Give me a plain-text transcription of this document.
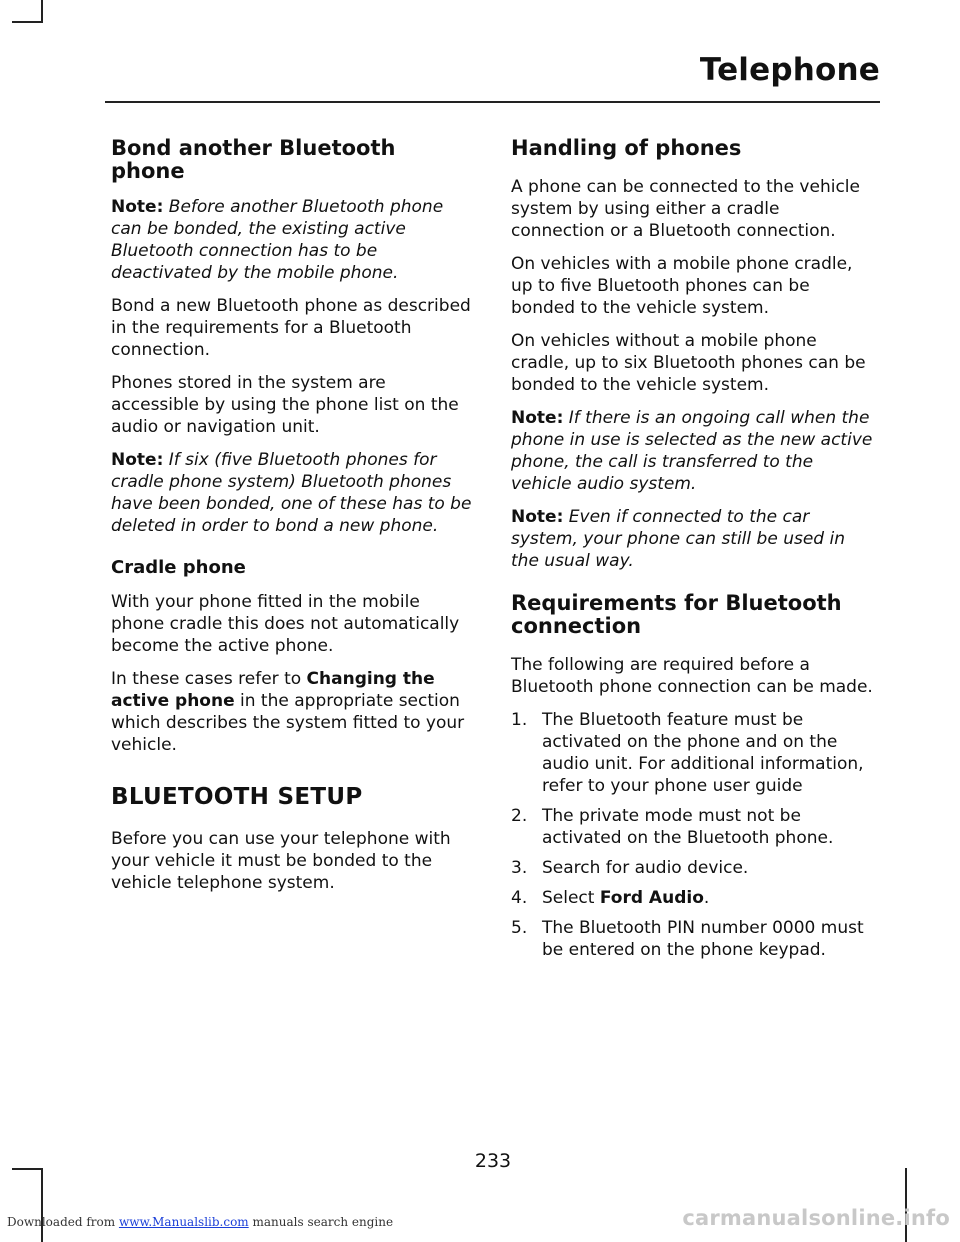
Telephone
Bond another Bluetooth phone

Note: Before another Bluetooth phone can be bonded, the existing active Bluetooth connection has to be deactivated by the mobile phone.

Bond a new Bluetooth phone as described in the requirements for a Bluetooth connection.

Phones stored in the system are accessible by using the phone list on the audio or navigation unit.

Note: If six (five Bluetooth phones for cradle phone system) Bluetooth phones have been bonded, one of these has to be deleted in order to bond a new phone.

Cradle phone

With your phone fitted in the mobile phone cradle this does not automatically become the active phone.

In these cases refer to Changing the active phone in the appropriate section which describes the system fitted to your vehicle.

BLUETOOTH SETUP

Before you can use your telephone with your vehicle it must be bonded to the vehicle telephone system.

Handling of phones

A phone can be connected to the vehicle system by using either a cradle connection or a Bluetooth connection.

On vehicles with a mobile phone cradle, up to five Bluetooth phones can be bonded to the vehicle system.

On vehicles without a mobile phone cradle, up to six Bluetooth phones can be bonded to the vehicle system.

Note: If there is an ongoing call when the phone in use is selected as the new active phone, the call is transferred to the vehicle audio system.

Note: Even if connected to the car system, your phone can still be used in the usual way.

Requirements for Bluetooth connection

The following are required before a Bluetooth phone connection can be made.

1. The Bluetooth feature must be activated on the phone and on the audio unit. For additional information, refer to your phone user guide
2. The private mode must not be activated on the Bluetooth phone.
3. Search for audio device.
4. Select Ford Audio.
5. The Bluetooth PIN number 0000 must be entered on the phone keypad.
233
Downloaded from www.Manualslib.com manuals search engine	carmanualsonline.info
